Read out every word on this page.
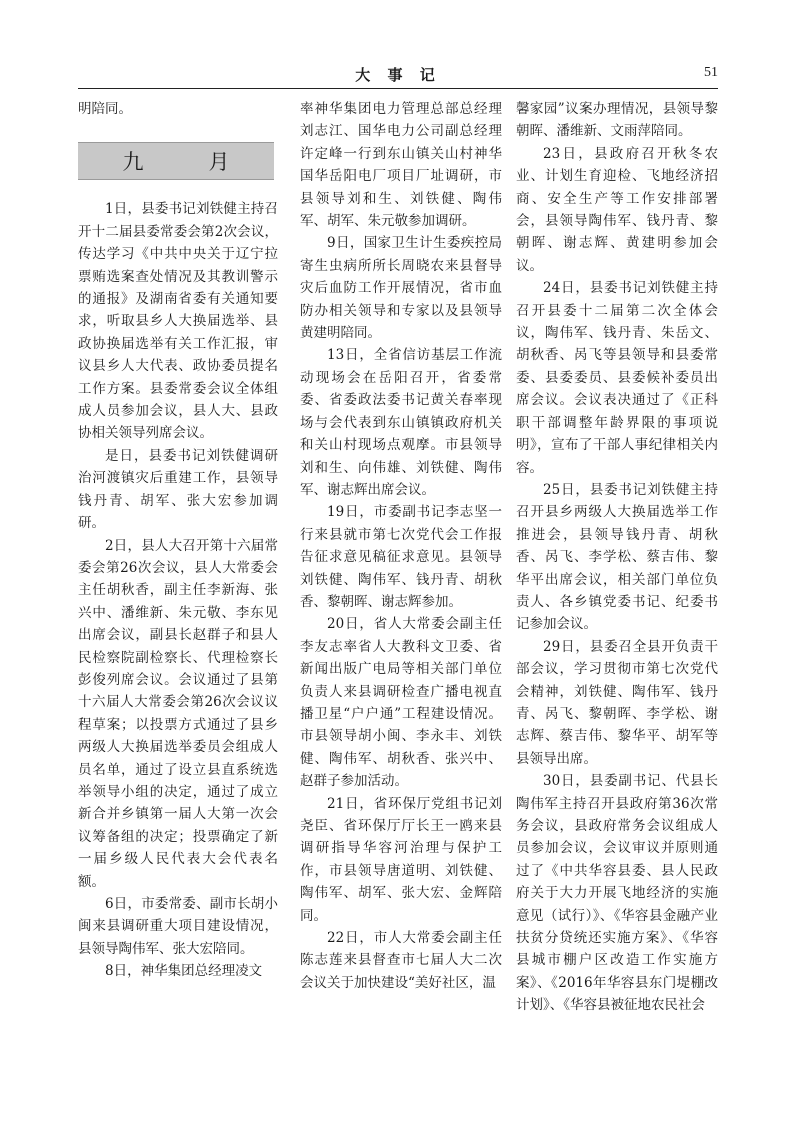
大 事 记	51

明陪同。

九　月

1日，县委书记刘铁健主持召开十二届县委常委会第2次会议，传达学习《中共中央关于辽宁拉票贿选案查处情况及其教训警示的通报》及湖南省委有关通知要求，听取县乡人大换届选举、县政协换届选举有关工作汇报，审议县乡人大代表、政协委员提名工作方案。县委常委会议全体组成人员参加会议，县人大、县政协相关领导列席会议。

是日，县委书记刘铁健调研治河渡镇灾后重建工作，县领导钱丹青、胡军、张大宏参加调研。

2日，县人大召开第十六届常委会第26次会议，县人大常委会主任胡秋香，副主任李新海、张兴中、潘维新、朱元敬、李东见出席会议，副县长赵群子和县人民检察院副检察长、代理检察长彭俊列席会议。会议通过了县第十六届人大常委会第26次会议议程草案；以投票方式通过了县乡两级人大换届选举委员会组成人员名单，通过了设立县直系统选举领导小组的决定，通过了成立新合并乡镇第一届人大第一次会议筹备组的决定；投票确定了新一届乡级人民代表大会代表名额。

6日，市委常委、副市长胡小闽来县调研重大项目建设情况，县领导陶伟军、张大宏陪同。

8日，神华集团总经理凌文

率神华集团电力管理总部总经理刘志江、国华电力公司副总经理许定峰一行到东山镇关山村神华国华岳阳电厂项目厂址调研，市县领导刘和生、刘铁健、陶伟军、胡军、朱元敬参加调研。

9日，国家卫生计生委疾控局寄生虫病所所长周晓农来县督导灾后血防工作开展情况，省市血防办相关领导和专家以及县领导黄建明陪同。

13日，全省信访基层工作流动现场会在岳阳召开，省委常委、省委政法委书记黄关春率现场与会代表到东山镇镇政府机关和关山村现场点观摩。市县领导刘和生、向伟雄、刘铁健、陶伟军、谢志辉出席会议。

19日，市委副书记李志坚一行来县就市第七次党代会工作报告征求意见稿征求意见。县领导刘铁健、陶伟军、钱丹青、胡秋香、黎朝晖、谢志辉参加。

20日，省人大常委会副主任李友志率省人大教科文卫委、省新闻出版广电局等相关部门单位负责人来县调研检查广播电视直播卫星“户户通”工程建设情况。市县领导胡小闽、李永丰、刘铁健、陶伟军、胡秋香、张兴中、赵群子参加活动。

21日，省环保厅党组书记刘尧臣、省环保厅厅长王一鸥来县调研指导华容河治理与保护工作，市县领导唐道明、刘铁健、陶伟军、胡军、张大宏、金辉陪同。

22日，市人大常委会副主任陈志莲来县督查市七届人大二次会议关于加快建设“美好社区，温

馨家园”议案办理情况，县领导黎朝晖、潘维新、文雨萍陪同。

23日，县政府召开秋冬农业、计划生育迎检、飞地经济招商、安全生产等工作安排部署会，县领导陶伟军、钱丹青、黎朝晖、谢志辉、黄建明参加会议。

24日，县委书记刘铁健主持召开县委十二届第二次全体会议，陶伟军、钱丹青、朱岳文、胡秋香、呙飞等县领导和县委常委、县委委员、县委候补委员出席会议。会议表决通过了《正科职干部调整年龄界限的事项说明》，宣布了干部人事纪律相关内容。

25日，县委书记刘铁健主持召开县乡两级人大换届选举工作推进会，县领导钱丹青、胡秋香、呙飞、李学松、蔡吉伟、黎华平出席会议，相关部门单位负责人、各乡镇党委书记、纪委书记参加会议。

29日，县委召全县开负责干部会议，学习贯彻市第七次党代会精神，刘铁健、陶伟军、钱丹青、呙飞、黎朝晖、李学松、谢志辉、蔡吉伟、黎华平、胡军等县领导出席。

30日，县委副书记、代县长陶伟军主持召开县政府第36次常务会议，县政府常务会议组成人员参加会议，会议审议并原则通过了《中共华容县委、县人民政府关于大力开展飞地经济的实施意见（试行）》、《华容县金融产业扶贫分贷统还实施方案》、《华容县城市棚户区改造工作实施方案》、《2016年华容县东门堤棚改计划》、《华容县被征地农民社会
